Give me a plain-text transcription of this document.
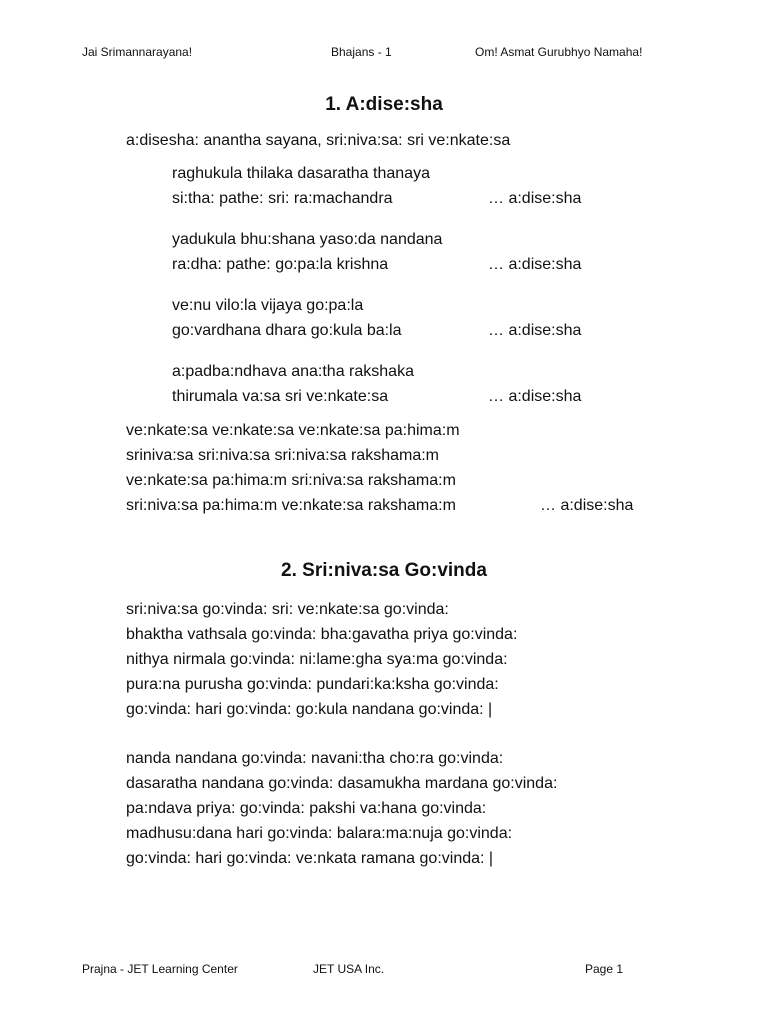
Jai Srimannarayana!	Bhajans - 1	Om! Asmat Gurubhyo Namaha!
1. A:dise:sha
a:disesha: anantha sayana, sri:niva:sa: sri ve:nkate:sa
raghukula thilaka dasaratha thanaya
si:tha: pathe: sri: ra:machandra	… a:dise:sha
yadukula bhu:shana yaso:da nandana
ra:dha: pathe: go:pa:la krishna	… a:dise:sha
ve:nu vilo:la vijaya go:pa:la
go:vardhana dhara go:kula ba:la	… a:dise:sha
a:padba:ndhava ana:tha rakshaka
thirumala va:sa sri ve:nkate:sa	… a:dise:sha
ve:nkate:sa ve:nkate:sa ve:nkate:sa pa:hima:m
sriniva:sa sri:niva:sa sri:niva:sa rakshama:m
ve:nkate:sa pa:hima:m sri:niva:sa rakshama:m
sri:niva:sa pa:hima:m ve:nkate:sa rakshama:m	… a:dise:sha
2. Sri:niva:sa Go:vinda
sri:niva:sa go:vinda: sri: ve:nkate:sa go:vinda:
bhaktha vathsala go:vinda: bha:gavatha priya go:vinda:
nithya nirmala go:vinda: ni:lame:gha sya:ma go:vinda:
pura:na purusha go:vinda: pundari:ka:ksha go:vinda:
go:vinda: hari go:vinda: go:kula nandana go:vinda: |
nanda nandana go:vinda: navani:tha cho:ra go:vinda:
dasaratha nandana go:vinda: dasamukha mardana go:vinda:
pa:ndava priya: go:vinda: pakshi va:hana go:vinda:
madhusu:dana hari go:vinda: balara:ma:nuja go:vinda:
go:vinda: hari go:vinda: ve:nkata ramana go:vinda: |
Prajna - JET Learning Center	JET USA Inc.	Page 1
